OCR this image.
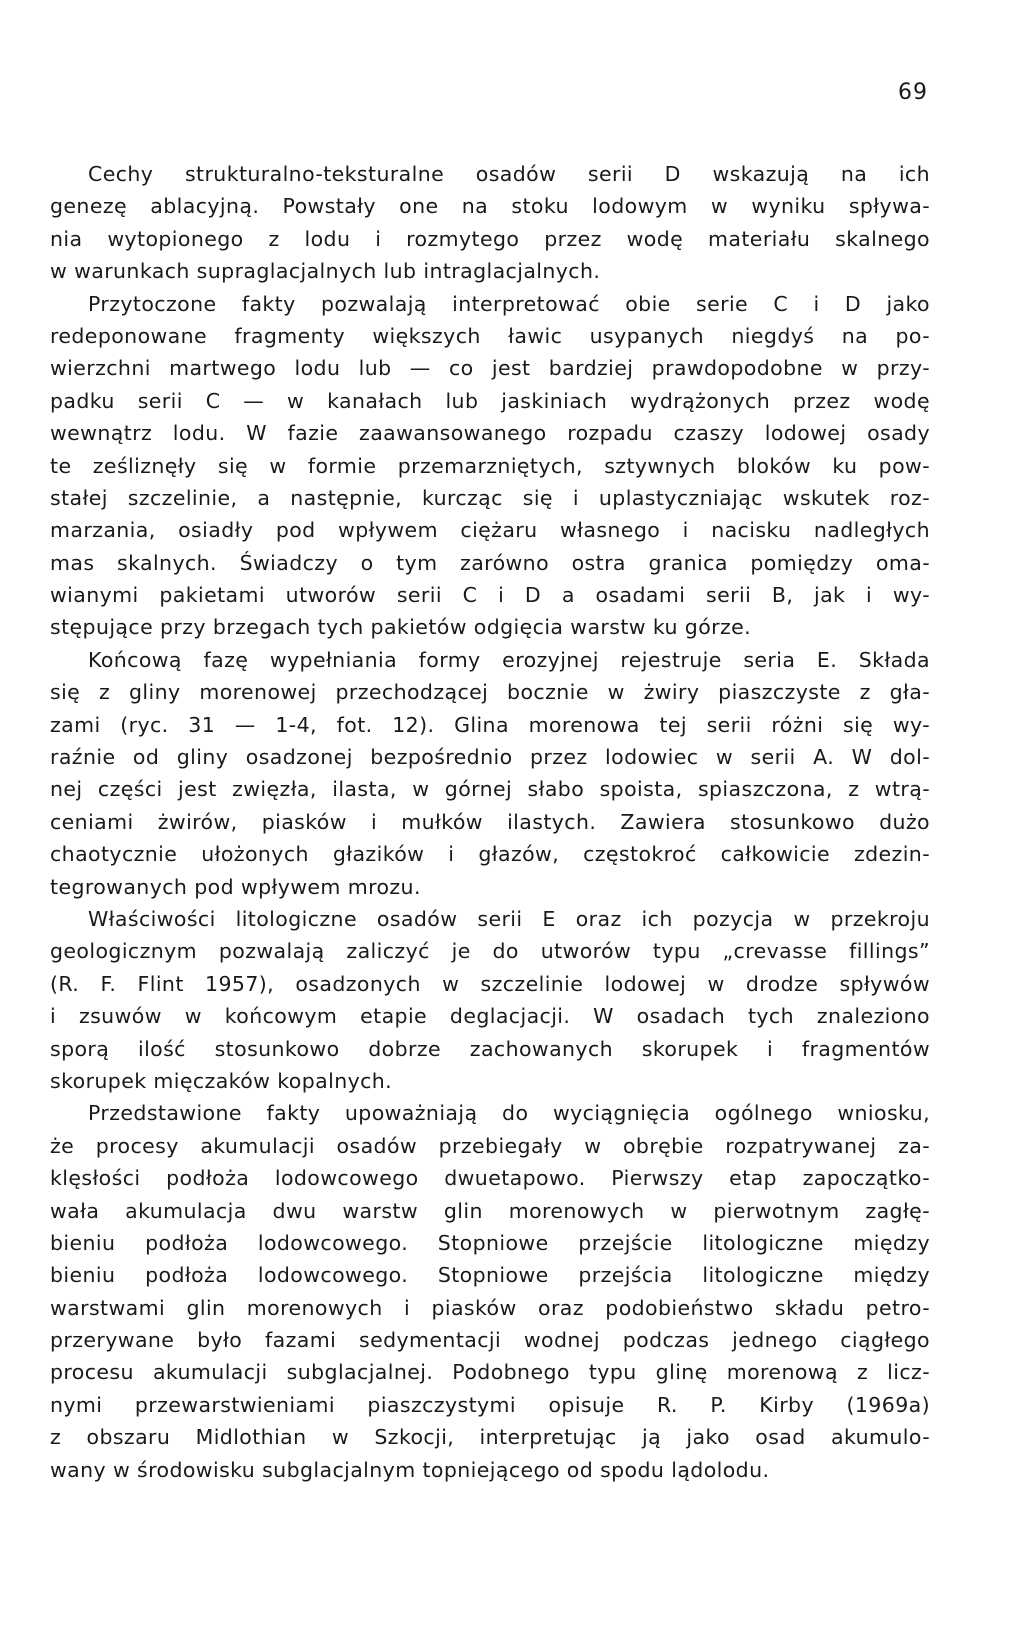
69
Cechy strukturalno-teksturalne osadów serii D wskazują na ich
genezę ablacyjną. Powstały one na stoku lodowym w wyniku spływa-
nia wytopionego z lodu i rozmytego przez wodę materiału skalnego
w warunkach supraglacjalnych lub intraglacjalnych.
Przytoczone fakty pozwalają interpretować obie serie C i D jako
redeponowane fragmenty większych ławic usypanych niegdyś na po-
wierzchni martwego lodu lub — co jest bardziej prawdopodobne w przy-
padku serii C — w kanałach lub jaskiniach wydrążonych przez wodę
wewnątrz lodu. W fazie zaawansowanego rozpadu czaszy lodowej osady
te ześliznęły się w formie przemarzniętych, sztywnych bloków ku pow-
stałej szczelinie, a następnie, kurcząc się i uplastyczniając wskutek roz-
marzania, osiadły pod wpływem ciężaru własnego i nacisku nadległych
mas skalnych. Świadczy o tym zarówno ostra granica pomiędzy oma-
wianymi pakietami utworów serii C i D a osadami serii B, jak i wy-
stępujące przy brzegach tych pakietów odgięcia warstw ku górze.
Końcową fazę wypełniania formy erozyjnej rejestruje seria E. Składa
się z gliny morenowej przechodzącej bocznie w żwiry piaszczyste z gła-
zami (ryc. 31 — 1-4, fot. 12). Glina morenowa tej serii różni się wy-
raźnie od gliny osadzonej bezpośrednio przez lodowiec w serii A. W dol-
nej części jest zwięzła, ilasta, w górnej słabo spoista, spiaszczona, z wtrą-
ceniami żwirów, piasków i mułków ilastych. Zawiera stosunkowo dużo
chaotycznie ułożonych głazików i głazów, częstokroć całkowicie zdezin-
tegrowanych pod wpływem mrozu.
Właściwości litologiczne osadów serii E oraz ich pozycja w przekroju
geologicznym pozwalają zaliczyć je do utworów typu „crevasse fillings”
(R. F. Flint 1957), osadzonych w szczelinie lodowej w drodze spływów
i zsuwów w końcowym etapie deglacjacji. W osadach tych znaleziono
sporą ilość stosunkowo dobrze zachowanych skorupek i fragmentów
skorupek mięczaków kopalnych.
Przedstawione fakty upoważniają do wyciągnięcia ogólnego wniosku,
że procesy akumulacji osadów przebiegały w obrębie rozpatrywanej za-
klęsłości podłoża lodowcowego dwuetapowo. Pierwszy etap zapoczątko-
wała akumulacja dwu warstw glin morenowych w pierwotnym zagłę-
bieniu podłoża lodowcowego. Stopniowe przejście litologiczne między
bieniu podłoża lodowcowego. Stopniowe przejścia litologiczne między
warstwami glin morenowych i piasków oraz podobieństwo składu petro-
przerywane było fazami sedymentacji wodnej podczas jednego ciągłego
procesu akumulacji subglacjalnej. Podobnego typu glinę morenową z licz-
nymi przewarstwieniami piaszczystymi opisuje R. P. Kirby (1969a)
z obszaru Midlothian w Szkocji, interpretując ją jako osad akumulo-
wany w środowisku subglacjalnym topniejącego od spodu lądolodu.
